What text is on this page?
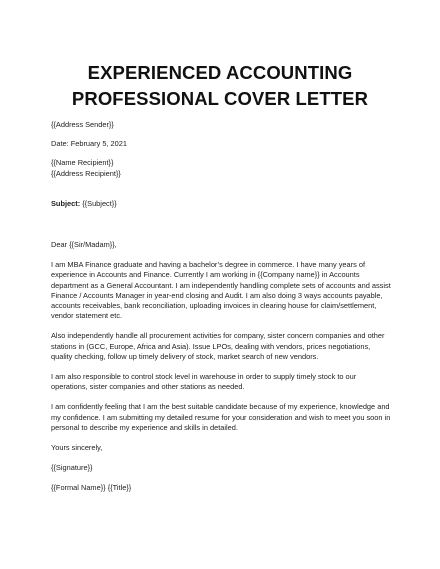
EXPERIENCED ACCOUNTING
PROFESSIONAL COVER LETTER

{{Address Sender}}

Date: February 5, 2021

{{Name Recipient}}

{{Address Recipient}}

Subject: {{Subject}}

Dear {{Sir/Madam}},

I am MBA Finance graduate and having a bachelor’s degree in commerce. I have many years of experience in Accounts and Finance. Currently I am working in {{Company name}} in Accounts department as a General Accountant. I am independently handling complete sets of accounts and assist Finance / Accounts Manager in year-end closing and Audit. I am also doing 3 ways accounts payable, accounts receivables, bank reconciliation, uploading invoices in clearing house for claim/settlement, vendor statement etc.

Also independently handle all procurement activities for company, sister concern companies and other stations in (GCC, Europe, Africa and Asia). Issue LPOs, dealing with vendors, prices negotiations, quality checking, follow up timely delivery of stock, market search of new vendors.

I am also responsible to control stock level in warehouse in order to supply timely stock to our operations, sister companies and other stations as needed.

I am confidently feeling that I am the best suitable candidate because of my experience, knowledge and my confidence. I am submitting my detailed resume for your consideration and wish to meet you soon in personal to describe my experience and skills in detailed.

Yours sincerely,

{{Signature}}

{{Formal Name}} {{Title}}
